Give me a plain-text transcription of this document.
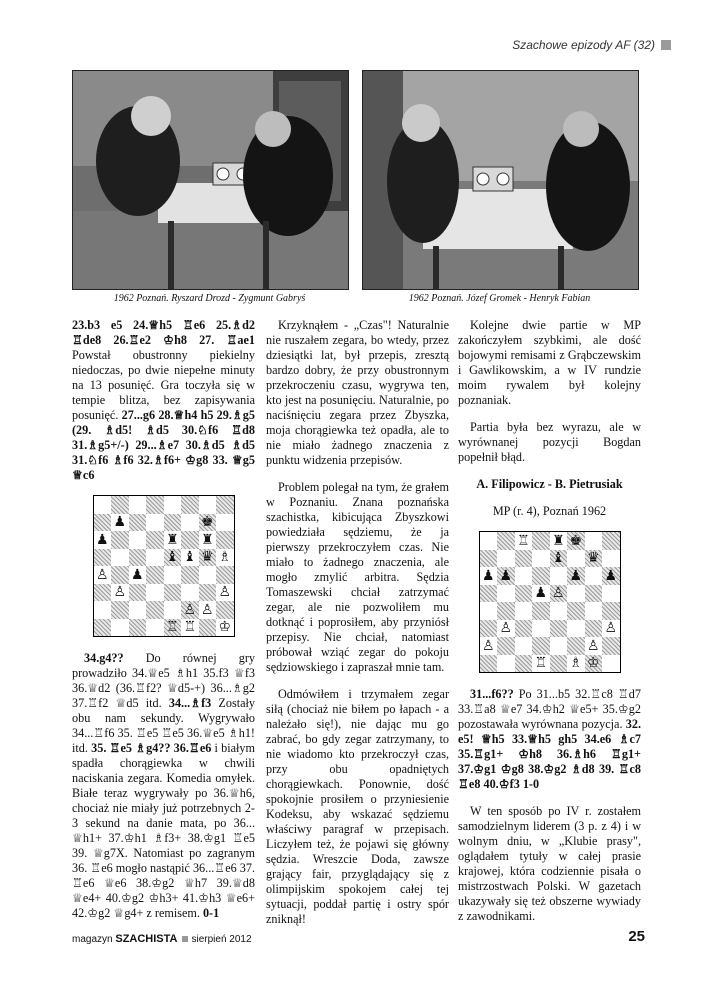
Szachowe epizody AF (32)
1962 Poznań. Ryszard Drozd - Zygmunt Gabryś	1962 Poznań. Józef Gromek - Henryk Fabian

23.b3 e5 24.♕h5 ♖e6 25.♗d2 ♖de8 26.♖e2 ♔h8 27. ♖ae1 Powstał obustronny piekielny niedoczas, po dwie niepełne minuty na 13 posunięć. Gra toczyła się w tempie blitza, bez zapisywania posunięć. 27...g6 28.♕h4 h5 29.♗g5 (29. ♗d5! ♗d5 30.♘f6 ♖d8 31.♗g5+/-) 29...♗e7 30.♗d5 ♗d5 31.♘f6 ♗f6 32.♗f6+ ♔g8 33. ♕g5 ♕c6

♟	♚
♟	♜ ♜
♝ ♝ ♛ ♗
♙ ♟
♙	♙
♙ ♙
♖ ♖ ♔

34.g4?? Do równej gry prowadziło 34.♕e5 ♗h1 35.f3 ♕f3 36.♕d2 (36.♖f2? ♕d5-+) 36...♗g2 37.♖f2 ♕d5 itd. 34...♗f3 Zostały obu nam sekundy. Wygrywało 34...♖f6 35. ♖e5 ♖e5 36.♕e5 ♗h1! itd. 35. ♖e5 ♗g4?? 36.♖e6 i białym spadła chorągiewka w chwili naciskania zegara. Komedia omyłek. Białe teraz wygrywały po 36.♕h6, chociaż nie miały już potrzebnych 2-3 sekund na danie mata, po 36... ♕h1+ 37.♔h1 ♗f3+ 38.♔g1 ♖e5 39. ♕g7X. Natomiast po zagranym 36. ♖e6 mogło nastąpić 36...♖e6 37. ♖e6 ♕e6 38.♔g2 ♕h7 39.♕d8 ♕e4+ 40.♔g2 ♔h3+ 41.♔h3 ♕e6+ 42.♔g2 ♕g4+ z remisem. 0-1

Krzyknąłem - „Czas"! Naturalnie nie ruszałem zegara, bo wtedy, przez dziesiątki lat, był przepis, zresztą bardzo dobry, że przy obustronnym przekroczeniu czasu, wygrywa ten, kto jest na posunięciu. Naturalnie, po naciśnięciu zegara przez Zbyszka, moja chorągiewka też opadła, ale to nie miało żadnego znaczenia z punktu widzenia przepisów.

Problem polegał na tym, że grałem w Poznaniu. Znana poznańska szachistka, kibicująca Zbyszkowi powiedziała sędziemu, że ja pierwszy przekroczyłem czas. Nie miało to żadnego znaczenia, ale mogło zmylić arbitra. Sędzia Tomaszewski chciał zatrzymać zegar, ale nie pozwoliłem mu dotknąć i poprosiłem, aby przyniósł przepisy. Nie chciał, natomiast próbował wziąć zegar do pokoju sędziowskiego i zapraszał mnie tam.

Odmówiłem i trzymałem zegar siłą (chociaż nie biłem po łapach - a należało się!), nie dając mu go zabrać, bo gdy zegar zatrzymany, to nie wiadomo kto przekroczył czas, przy obu opadniętych chorągiewkach. Ponownie, dość spokojnie prosiłem o przyniesienie Kodeksu, aby wskazać sędziemu właściwy paragraf w przepisach. Liczyłem też, że pojawi się główny sędzia. Wreszcie Doda, zawsze grający fair, przyglądający się z olimpijskim spokojem całej tej sytuacji, poddał partię i ostry spór zniknął!

Kolejne dwie partie w MP zakończyłem szybkimi, ale dość bojowymi remisami z Grąbczewskim i Gawlikowskim, a w IV rundzie moim rywalem był kolejny poznaniak.

Partia była bez wyrazu, ale w wyrównanej pozycji Bogdan popełnił błąd.

A. Filipowicz - B. Pietrusiak

MP (r. 4), Poznań 1962

♖ ♜ ♚
♝ ♛
♟ ♟	♟ ♟
♟ ♙
♙	♙
♙	♙
♖ ♗ ♔

31...f6?? Po 31...b5 32.♖c8 ♖d7 33.♖a8 ♕e7 34.♔h2 ♕e5+ 35.♔g2 pozostawała wyrównana pozycja. 32. e5! ♕h5 33.♕h5 gh5 34.e6 ♗c7 35.♖g1+ ♔h8 36.♗h6 ♖g1+ 37.♔g1 ♔g8 38.♔g2 ♗d8 39. ♖c8 ♖e8 40.♔f3 1-0

W ten sposób po IV r. zostałem samodzielnym liderem (3 p. z 4) i w wolnym dniu, w „Klubie prasy", oglądałem tytuły w całej prasie krajowej, która codziennie pisała o mistrzostwach Polski. W gazetach ukazywały się też obszerne wywiady z zawodnikami.

magazyn SZACHISTA sierpień 2012	25
